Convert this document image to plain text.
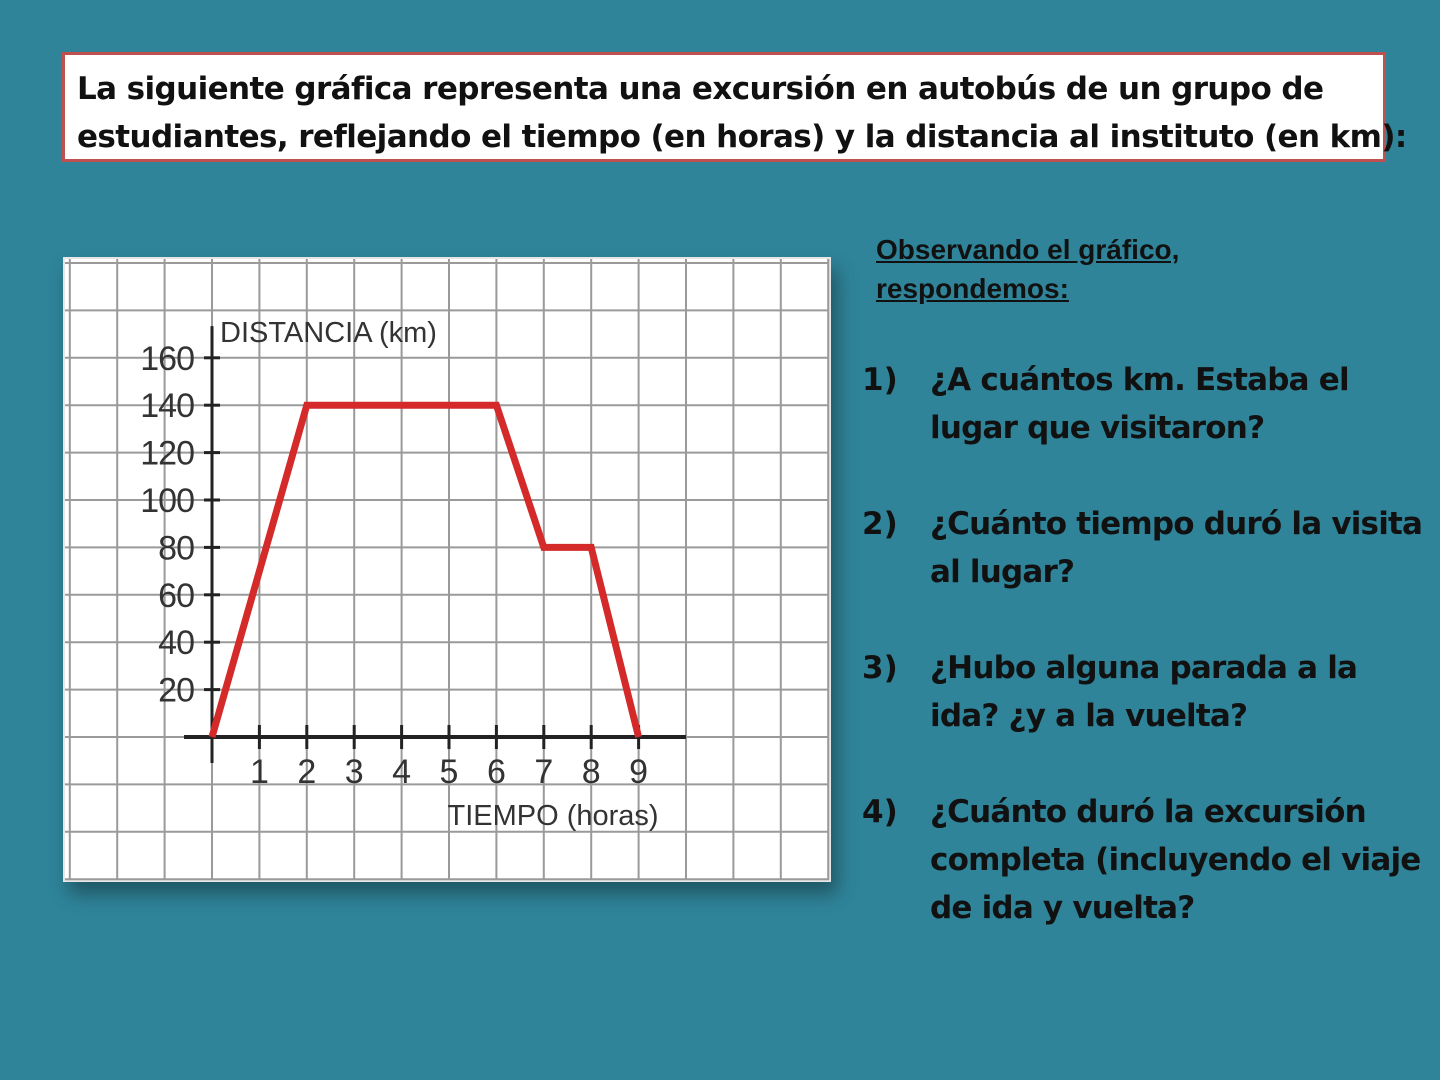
La siguiente gráfica representa una excursión en autobús de un grupo de

estudiantes, reflejando el tiempo (en horas) y la distancia al instituto (en km):

20
40
60
80
100
120
140
160
1 2 3 4 5 6 7 8 9
DISTANCIA (km)
TIEMPO (horas)

Observando el gráfico,
respondemos:

1) ¿A cuántos km. Estaba el lugar que visitaron?
2) ¿Cuánto tiempo duró la visita al lugar?
3) ¿Hubo alguna parada a la ida? ¿y a la vuelta?
4) ¿Cuánto duró la excursión completa (incluyendo el viaje de ida y vuelta?
